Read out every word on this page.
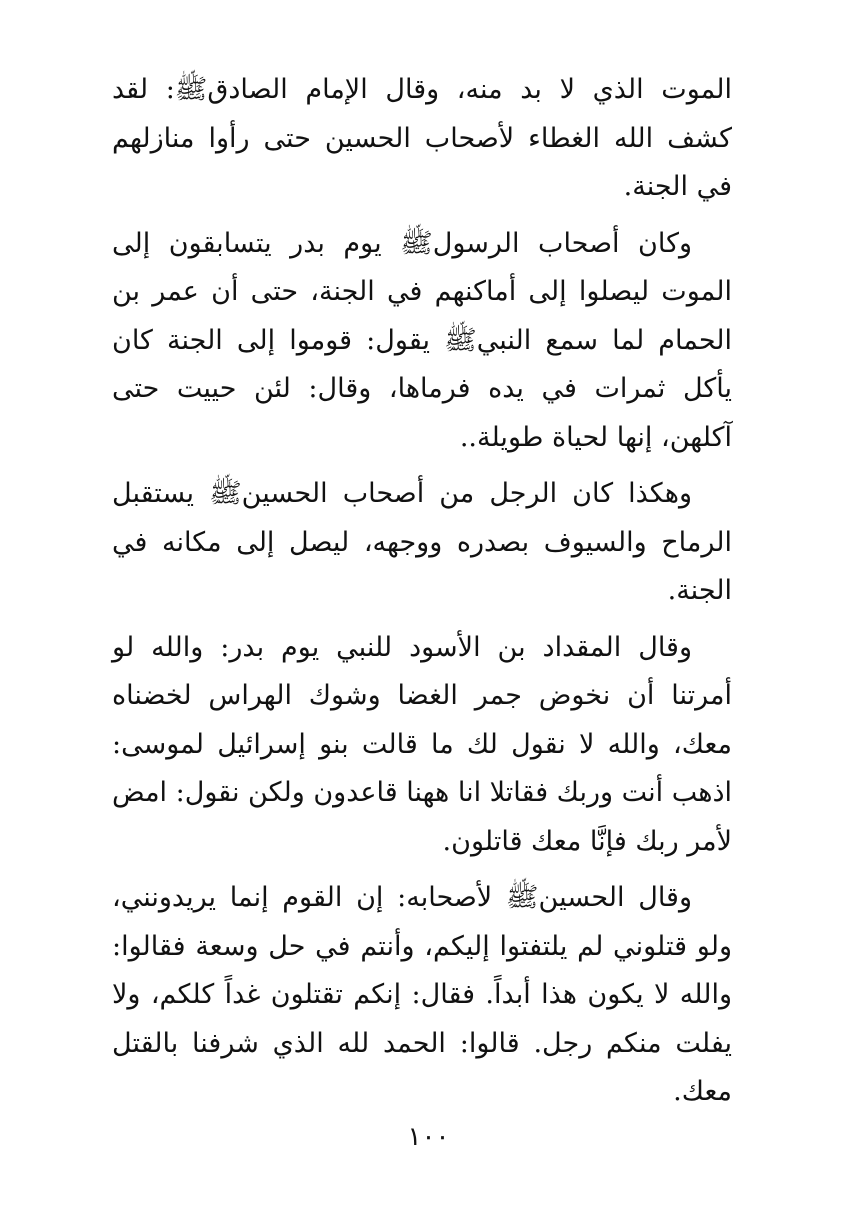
الموت الذي لا بد منه، وقال الإمام الصادقﷺ: لقد كشف الله الغطاء لأصحاب الحسين حتى رأوا منازلهم في الجنة.

وكان أصحاب الرسولﷺ يوم بدر يتسابقون إلى الموت ليصلوا إلى أماكنهم في الجنة، حتى أن عمر بن الحمام لما سمع النبيﷺ يقول: قوموا إلى الجنة كان يأكل ثمرات في يده فرماها، وقال: لئن حييت حتى آكلهن، إنها لحياة طويلة..

وهكذا كان الرجل من أصحاب الحسينﷺ يستقبل الرماح والسيوف بصدره ووجهه، ليصل إلى مكانه في الجنة.

وقال المقداد بن الأسود للنبي يوم بدر: والله لو أمرتنا أن نخوض جمر الغضا وشوك الهراس لخضناه معك، والله لا نقول لك ما قالت بنو إسرائيل لموسى: اذهب أنت وربك فقاتلا انا ههنا قاعدون ولكن نقول: امض لأمر ربك فإنَّا معك قاتلون.

وقال الحسينﷺ لأصحابه: إن القوم إنما يريدونني، ولو قتلوني لم يلتفتوا إليكم، وأنتم في حل وسعة فقالوا: والله لا يكون هذا أبداً. فقال: إنكم تقتلون غداً كلكم، ولا يفلت منكم رجل. قالوا: الحمد لله الذي شرفنا بالقتل معك.

١٠٠
